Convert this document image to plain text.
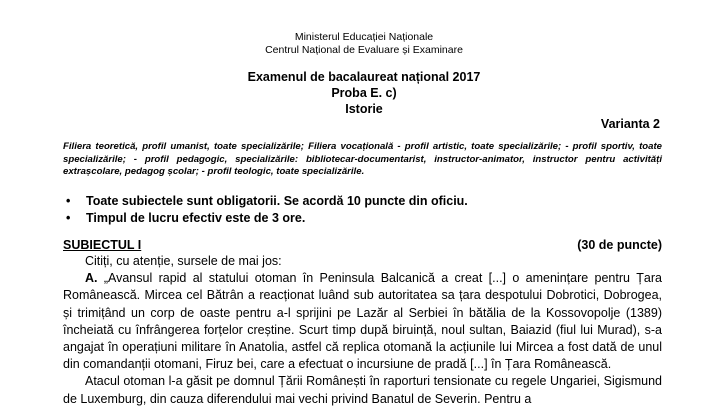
Ministerul Educației Naționale
Centrul Național de Evaluare și Examinare
Examenul de bacalaureat național 2017
Proba E. c)
Istorie
Varianta 2
Filiera teoretică, profil umanist, toate specializările; Filiera vocațională - profil artistic, toate specializările; - profil sportiv, toate specializările; - profil pedagogic, specializările: bibliotecar-documentarist, instructor-animator, instructor pentru activități extrașcolare, pedagog școlar; - profil teologic, toate specializările.
• Toate subiectele sunt obligatorii. Se acordă 10 puncte din oficiu.
• Timpul de lucru efectiv este de 3 ore.
SUBIECTUL I	(30 de puncte)

Citiți, cu atenție, sursele de mai jos:

A. „Avansul rapid al statului otoman în Peninsula Balcanică a creat [...] o amenințare pentru Țara Românească. Mircea cel Bătrân a reacționat luând sub autoritatea sa țara despotului Dobrotici, Dobrogea, și trimițând un corp de oaste pentru a-l sprijini pe Lazăr al Serbiei în bătălia de la Kossovopolje (1389) încheiată cu înfrângerea forțelor creștine. Scurt timp după biruință, noul sultan, Baiazid (fiul lui Murad), s-a angajat în operațiuni militare în Anatolia, astfel că replica otomană la acțiunile lui Mircea a fost dată de unul din comandanții otomani, Firuz bei, care a efectuat o incursiune de pradă [...] în Țara Românească.

Atacul otoman l-a găsit pe domnul Țării Românești în raporturi tensionate cu regele Ungariei, Sigismund de Luxemburg, din cauza diferendului mai vechi privind Banatul de Severin. Pentru a
